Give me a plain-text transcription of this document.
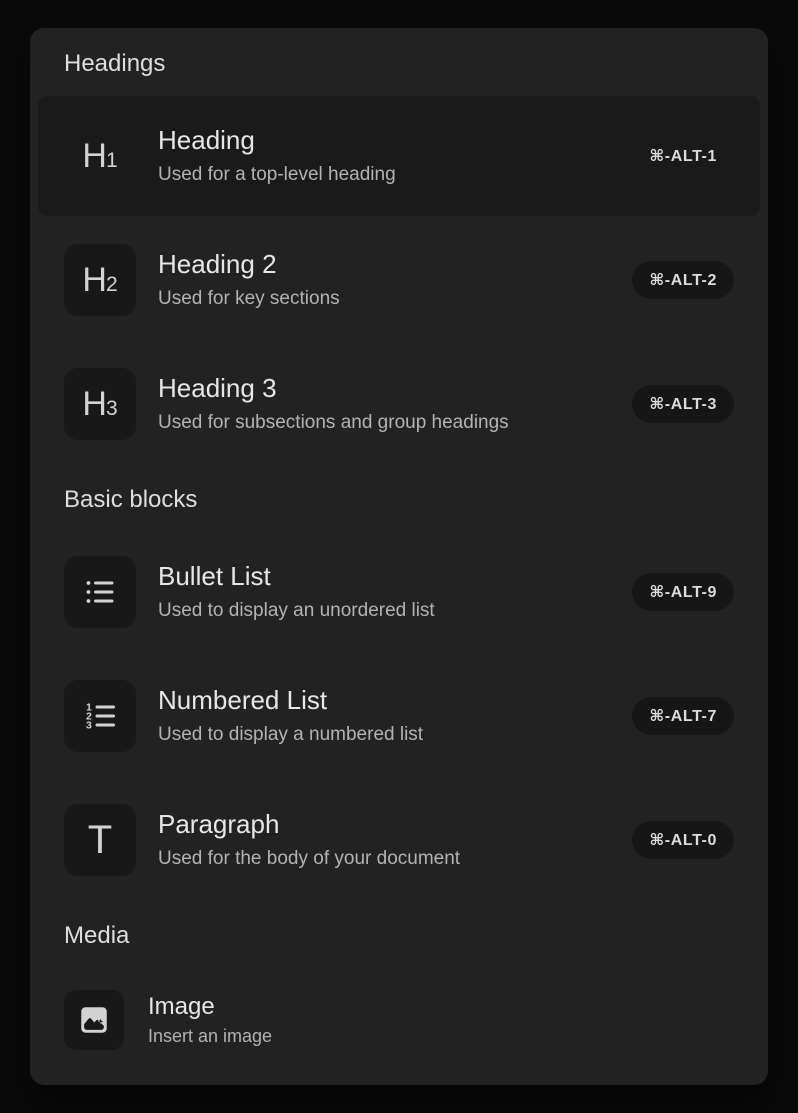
Headings
H1
Heading
Used for a top-level heading
⌘-ALT-1
H2
Heading 2
Used for key sections
⌘-ALT-2
H3
Heading 3
Used for subsections and group headings
⌘-ALT-3
Basic blocks
Bullet List
Used to display an unordered list
⌘-ALT-9
1
2
3
Numbered List
Used to display a numbered list
⌘-ALT-7
T Paragraph
Used for the body of your document
⌘-ALT-0
Media
Image
Insert an image
